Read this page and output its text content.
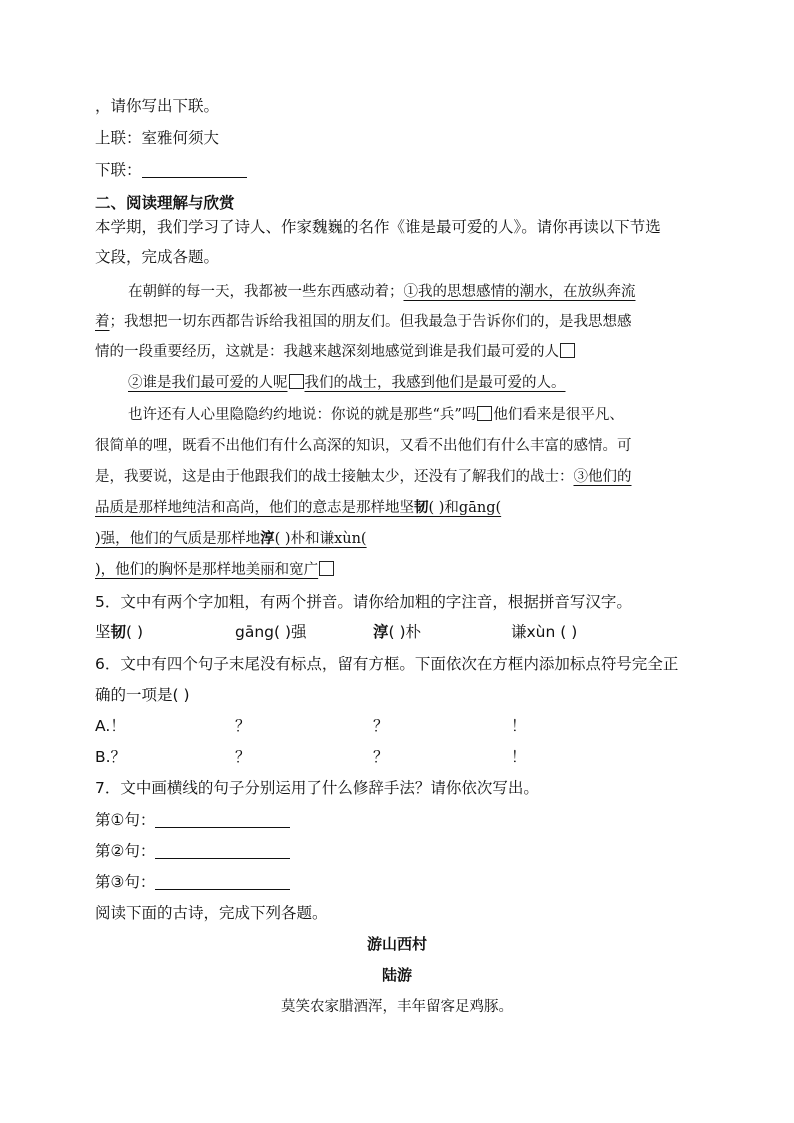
，请你写出下联。
上联：室雅何须大
下联：
二、阅读理解与欣赏
本学期，我们学习了诗人、作家魏巍的名作《谁是最可爱的人》。请你再读以下节选
文段，完成各题。
在朝鲜的每一天，我都被一些东西感动着；①我的思想感情的潮水，在放纵奔流
着；我想把一切东西都告诉给我祖国的朋友们。但我最急于告诉你们的，是我思想感
情的一段重要经历，这就是：我越来越深刻地感觉到谁是我们最可爱的人
②谁是我们最可爱的人呢 我们的战士，我感到他们是最可爱的人。
也许还有人心里隐隐约约地说：你说的就是那些“兵”吗 他们看来是很平凡、
很简单的哩，既看不出他们有什么高深的知识，又看不出他们有什么丰富的感情。可
是，我要说，这是由于他跟我们的战士接触太少，还没有了解我们的战士：③他们的
品质是那样地纯洁和高尚，他们的意志是那样地坚韧( )和gāng(
)强，他们的气质是那样地淳( )朴和谦xùn(
)，他们的胸怀是那样地美丽和宽广
5．文中有两个字加粗，有两个拼音。请你给加粗的字注音，根据拼音写汉字。
坚韧( )	gāng( )强	淳( )朴	谦xùn ( )
6．文中有四个句子末尾没有标点，留有方框。下面依次在方框内添加标点符号完全正
确的一项是( )
A.！	？	？	！
B.？	？	？	！
7．文中画横线的句子分别运用了什么修辞手法？请你依次写出。
第①句：
第②句：
第③句：
阅读下面的古诗，完成下列各题。
游山西村
陆游
莫笑农家腊酒浑，丰年留客足鸡豚。
